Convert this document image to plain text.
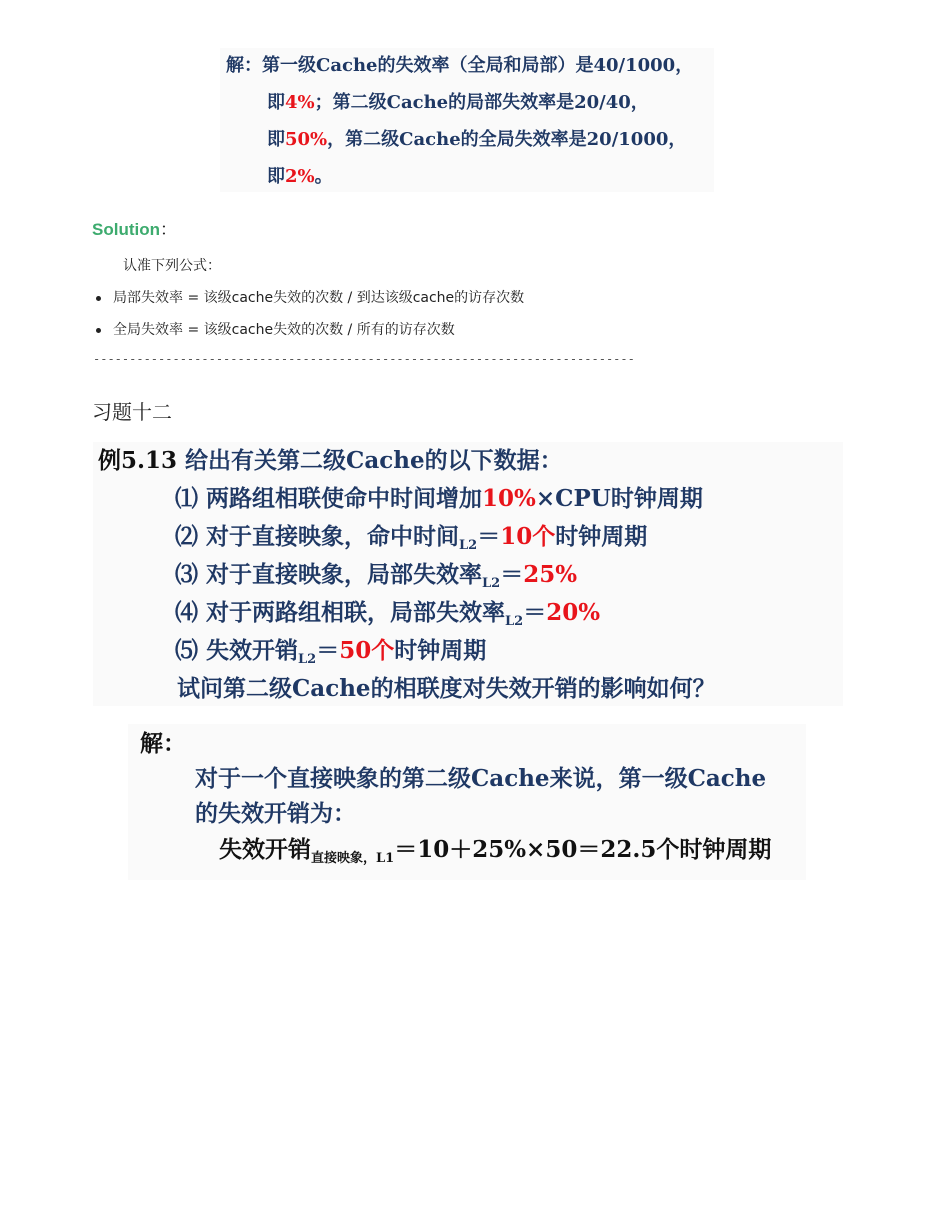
解：第一级Cache的失效率（全局和局部）是40/1000，
即4%；第二级Cache的局部失效率是20/40，
即50%，第二级Cache的全局失效率是20/1000，
即2%。
Solution：
认准下列公式：
局部失效率 = 该级cache失效的次数 / 到达该级cache的访存次数
全局失效率 = 该级cache失效的次数 / 所有的访存次数
---------------------------------------------------------------------------
习题十二
例5.13 给出有关第二级Cache的以下数据：
⑴ 两路组相联使命中时间增加10%×CPU时钟周期
⑵ 对于直接映象，命中时间$_{L2}$＝10个时钟周期
⑶ 对于直接映象，局部失效率$_{L2}$＝25%
⑷ 对于两路组相联，局部失效率$_{L2}$＝20%
⑸ 失效开销$_{L2}$＝50个时钟周期
试问第二级Cache的相联度对失效开销的影响如何？
解：
对于一个直接映象的第二级Cache来说，第一级Cache
的失效开销为：
失效开销$_{直接映象,L1}$＝10＋25%×50＝22.5个时钟周期
